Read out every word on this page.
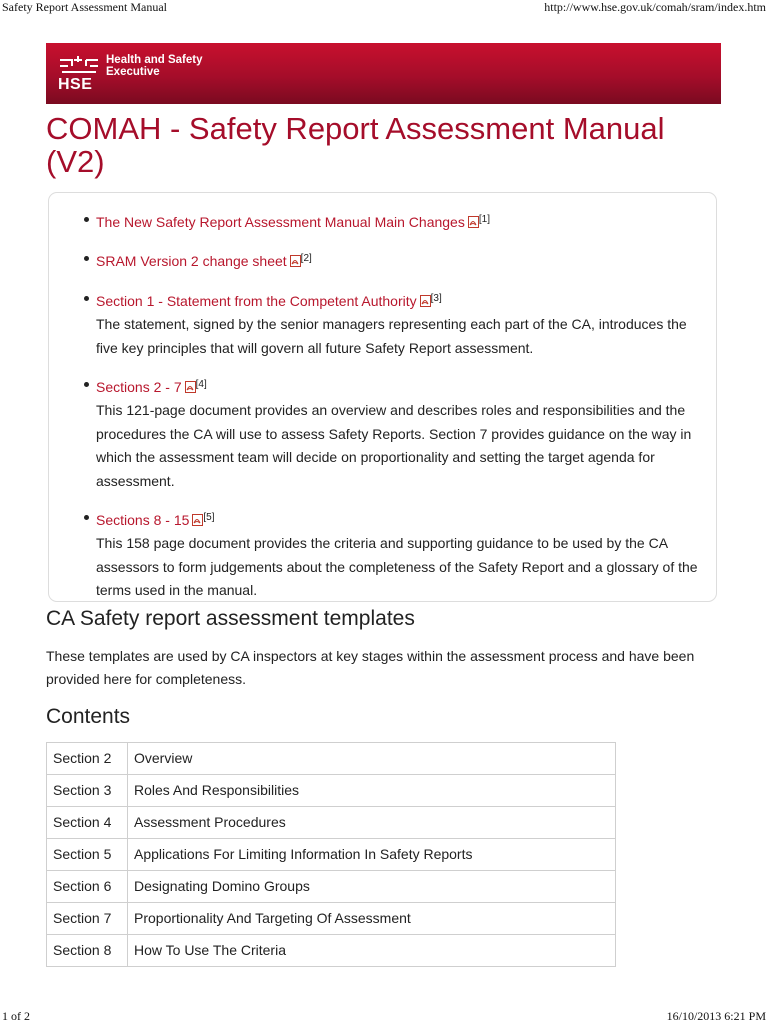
Safety Report Assessment Manual	http://www.hse.gov.uk/comah/sram/index.htm
HSE
Health and Safety
Executive
COMAH - Safety Report Assessment Manual (V2)
The New Safety Report Assessment Manual Main Changes [1]
SRAM Version 2 change sheet [2]
Section 1 - Statement from the Competent Authority [3]
The statement, signed by the senior managers representing each part of the CA, introduces the five key principles that will govern all future Safety Report assessment.
Sections 2 - 7 [4]
This 121-page document provides an overview and describes roles and responsibilities and the procedures the CA will use to assess Safety Reports. Section 7 provides guidance on the way in which the assessment team will decide on proportionality and setting the target agenda for assessment.
Sections 8 - 15 [5]
This 158 page document provides the criteria and supporting guidance to be used by the CA assessors to form judgements about the completeness of the Safety Report and a glossary of the terms used in the manual.
CA Safety report assessment templates

These templates are used by CA inspectors at key stages within the assessment process and have been provided here for completeness.

Contents
Section 2	Overview
Section 3	Roles And Responsibilities
Section 4	Assessment Procedures
Section 5	Applications For Limiting Information In Safety Reports
Section 6	Designating Domino Groups
Section 7	Proportionality And Targeting Of Assessment
Section 8	How To Use The Criteria
1 of 2	16/10/2013 6:21 PM
